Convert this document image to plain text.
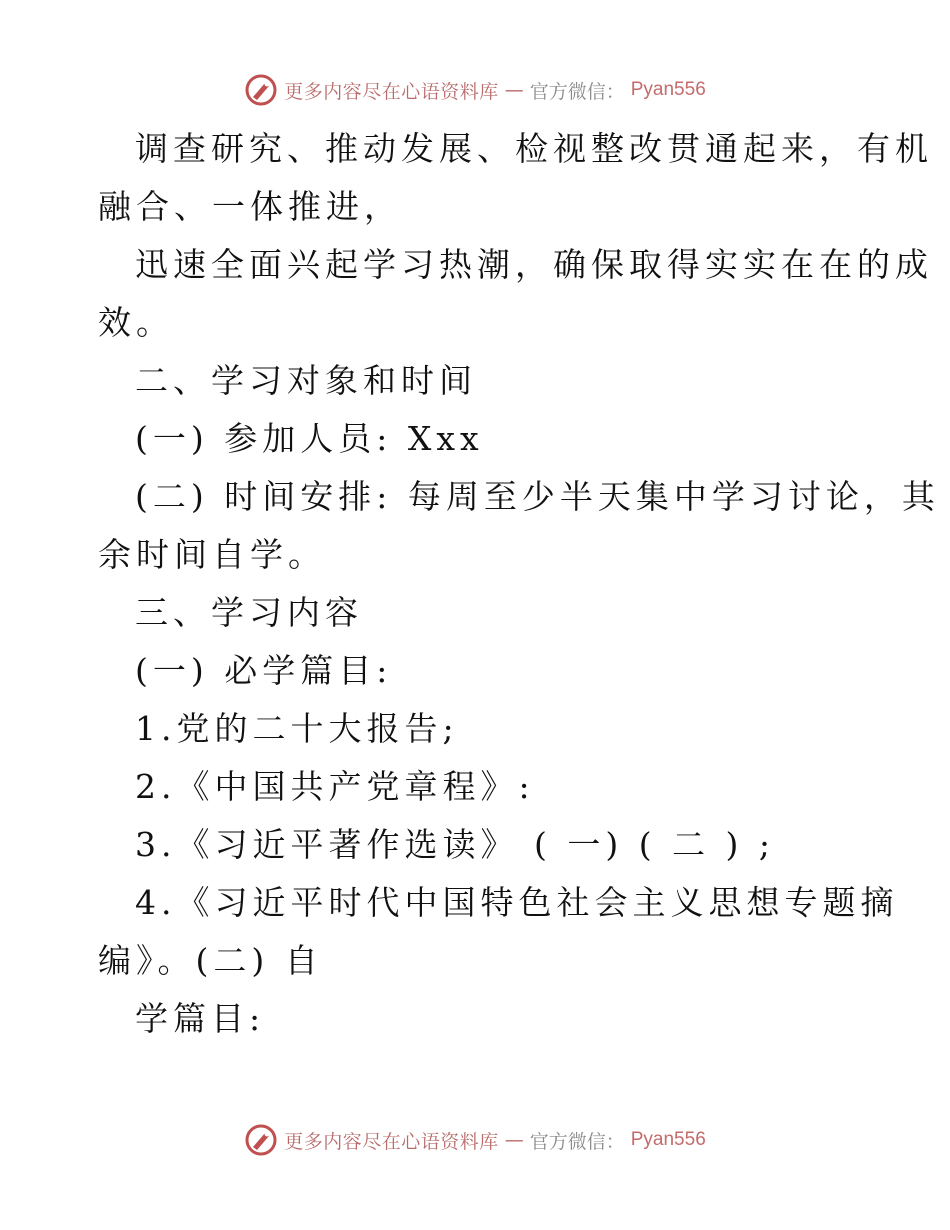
更多内容尽在心语资料库 — 官方微信： Pyan556
调查研究、推动发展、检视整改贯通起来，有机
融合、一体推进，
迅速全面兴起学习热潮，确保取得实实在在的成
效。
二、学习对象和时间
(一) 参加人员: Xxx
(二) 时间安排: 每周至少半天集中学习讨论，其
余时间自学。
三、学习内容
(一) 必学篇目:
1.党的二十大报告;
2.《中国共产党章程》:
3.《习近平著作选读》 ( 一) ( 二 ) ;
4.《习近平时代中国特色社会主义思想专题摘
编》。(二) 自
学篇目:
更多内容尽在心语资料库 — 官方微信： Pyan556
